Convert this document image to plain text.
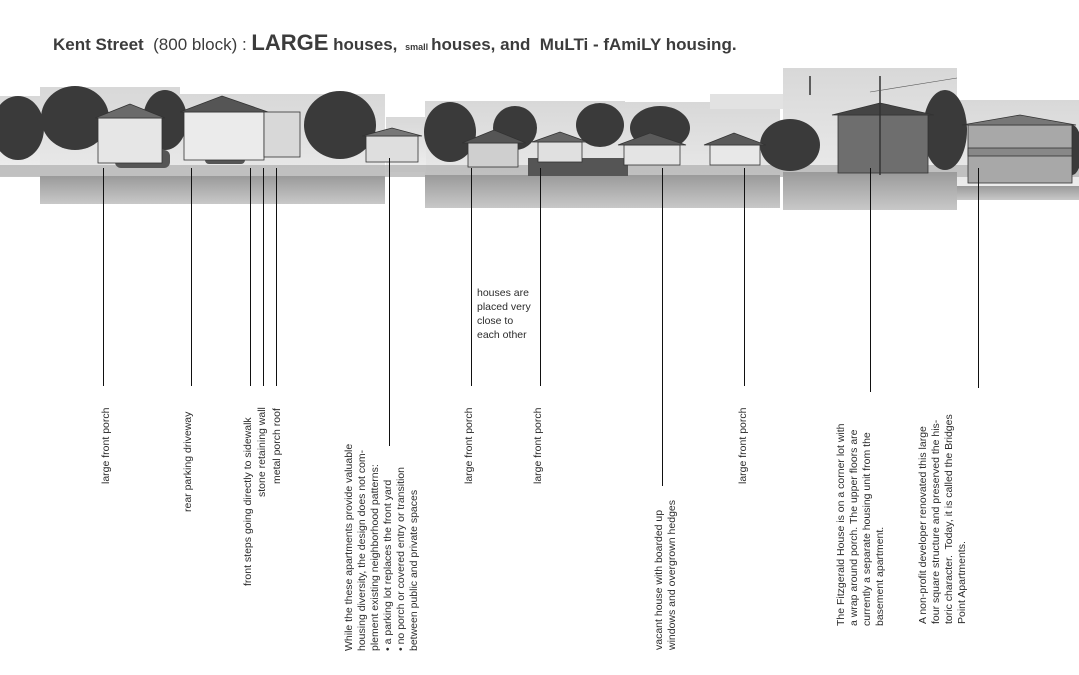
Kent Street
(800 block) :
LARGE
houses,
small houses, and
MuLTi - fAmiLY housing.
large front porch	rear parking driveway	front steps going directly to sidewalk stone retaining wall metal porch roof
While the these apartments provide valuable
housing diversity, the design does not com-
plement existing neighborhood patterns:
• a parking lot replaces the front yard
• no porch or covered entry or transition
between public and private spaces
large front porch	large front porch
vacant house with boarded up
windows and overgrown hedges
large front porch
The Fitzgerald House is on a corner lot with
a wrap around porch. The upper floors are
currently a separate housing unit from the
basement apartment.
A non-profit developer renovated this large
four square structure and preserved the his-
toric character.  Today, it is called the Bridges
Point Apartments.
houses are
placed very
close to
each other
